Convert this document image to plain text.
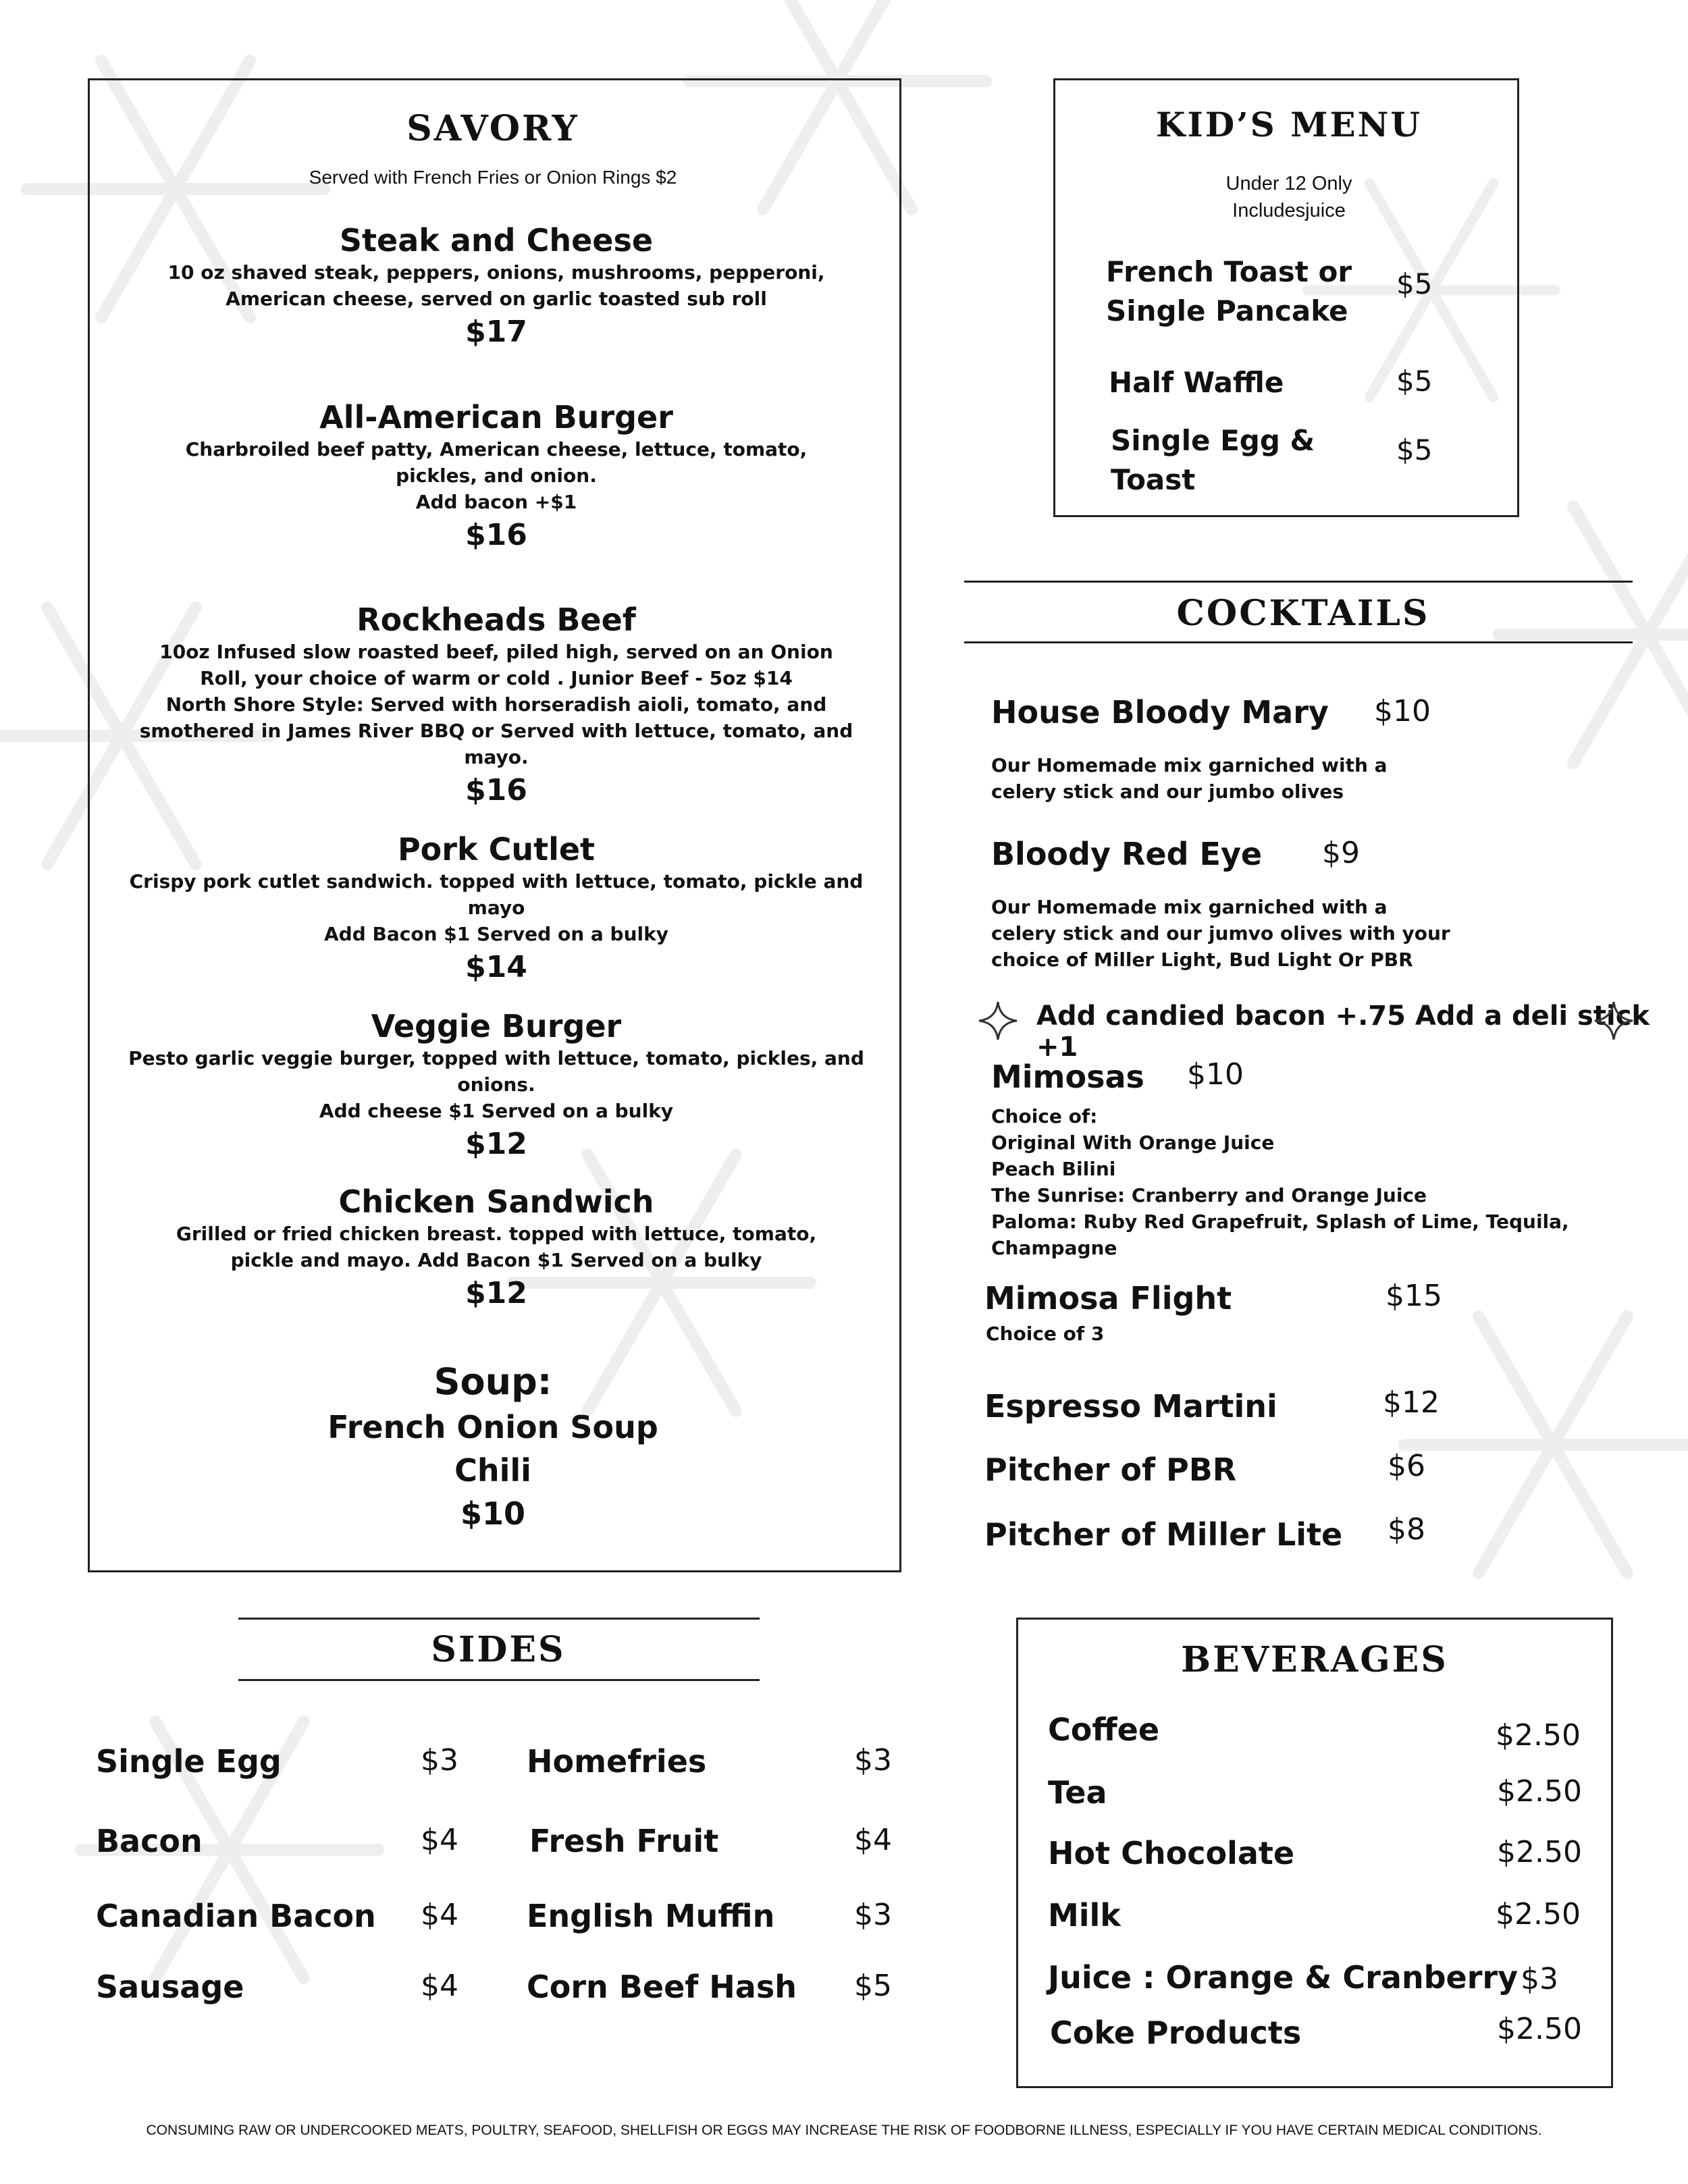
SAVORY
Served with French Fries or Onion Rings $2
Steak and Cheese
10 oz shaved steak, peppers, onions, mushrooms, pepperoni, American cheese, served on garlic toasted sub roll
$17
All-American Burger
Charbroiled beef patty, American cheese, lettuce, tomato, pickles, and onion.
Add bacon +$1
$16
Rockheads Beef
10oz Infused slow roasted beef, piled high, served on an Onion Roll, your choice of warm or cold . Junior Beef - 5oz $14
North Shore Style: Served with horseradish aioli, tomato, and smothered in James River BBQ or Served with lettuce, tomato, and mayo.
$16
Pork Cutlet
Crispy pork cutlet sandwich. topped with lettuce, tomato, pickle and mayo
Add Bacon $1 Served on a bulky
$14
Veggie Burger
Pesto garlic veggie burger, topped with lettuce, tomato, pickles, and onions.
Add cheese $1 Served on a bulky
$12
Chicken Sandwich
Grilled or fried chicken breast. topped with lettuce, tomato, pickle and mayo. Add Bacon $1 Served on a bulky
$12
Soup:
French Onion Soup
Chili
$10
KID’S MENU
Under 12 Only
Includesjuice
French Toast or
Single Pancake
$5
Half Waffle	$5
Single Egg &
Toast
$5
COCKTAILS
House Bloody Mary $10
Our Homemade mix garniched with a
celery stick and our jumbo olives
Bloody Red Eye $9
Our Homemade mix garniched with a
celery stick and our jumvo olives with your
choice of Miller Light, Bud Light Or PBR
Add candied bacon +.75 Add a deli stick +1
Mimosas $10
Choice of:
Original With Orange Juice
Peach Bilini
The Sunrise: Cranberry and Orange Juice
Paloma: Ruby Red Grapefruit, Splash of Lime, Tequila, Champagne
Mimosa Flight
Choice of 3
$15
Espresso Martini	$12
Pitcher of PBR	$6
Pitcher of Miller Lite $8
SIDES
Single Egg	$3
Bacon	$4
Canadian Bacon $4
Sausage	$4
Homefries	$3
Fresh Fruit	$4
English Muffin	$3
Corn Beef Hash $5
BEVERAGES
Coffee	$2.50
Tea	$2.50
Hot Chocolate	$2.50
Milk	$2.50
Juice : Orange & Cranberry $3
Coke Products	$2.50
CONSUMING RAW OR UNDERCOOKED MEATS, POULTRY, SEAFOOD, SHELLFISH OR EGGS MAY INCREASE THE RISK OF FOODBORNE ILLNESS, ESPECIALLY IF YOU HAVE CERTAIN MEDICAL CONDITIONS.
